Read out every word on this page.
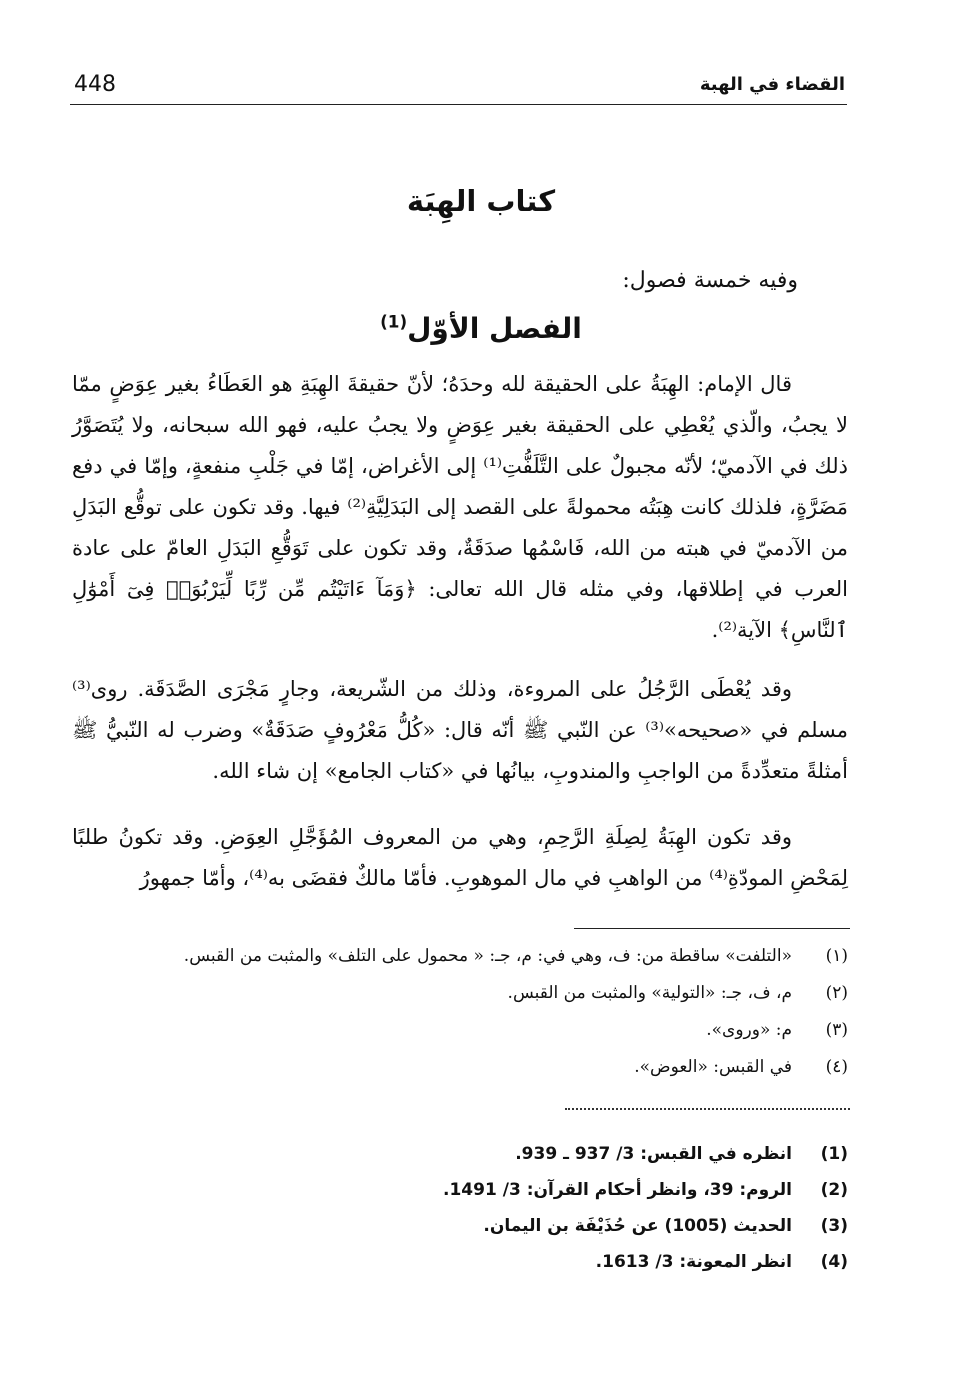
448	القضاء في الهبة
كتاب الهِبَة
وفيه خمسة فصول:
الفصل الأوّل$^{(1)}$

قال الإمام: الهِبَةُ على الحقيقة لله وحدَهُ؛ لأنّ حقيقةَ الهِبَةِ هو العَطَاءُ بغير عِوَضٍ ممّا لا يجبُ، والّذي يُعْطِي على الحقيقة بغير عِوَضٍ ولا يجبُ عليه، فهو الله سبحانه، ولا يُتَصَوَّرُ ذلك في الآدميّ؛ لأنّه مجبولٌ على التَّلَفُّتِ⁽¹⁾ إلى الأغراض، إمّا في جَلْبِ منفعةٍ، وإمّا في دفع مَضَرَّةٍ، فلذلك كانت هِبَتُه محمولةً على القصد إلى البَدَلِيَّةِ⁽²⁾ فيها. وقد تكون على توقُّع البَدَلِ من الآدميّ في هبته من الله، فَاسْمُها صدَقَةٌ، وقد تكون على تَوَقُّعِ البَدَلِ العامّ على عادة العرب في إطلاقها، وفي مثله قال الله تعالى: ﴿وَمَآ ءَاتَيْتُم مِّن رِّبًا لِّيَرْبُوَا۟ فِىٓ أَمْوَٰلِ ٱلنَّاسِ﴾ الآية⁽²⁾.

وقد يُعْطَى الرَّجُلُ على المروءة، وذلك من الشّريعة، وجارٍ مَجْرَى الصَّدَقَة. روى⁽³⁾ مسلم في «صحيحه»⁽³⁾ عن النّبي ﷺ أنّه قال: «كُلُّ مَعْرُوفٍ صَدَقَةٌ» وضرب له النّبيُّ ﷺ أمثلةً متعدِّدةً من الواجبِ والمندوبِ، بيانُها في «كتاب الجامع» إن شاء الله.

وقد تكون الهِبَةُ لِصِلَةِ الرَّحِمِ، وهي من المعروف المُؤَجَّلِ العِوَضِ. وقد تكونُ طلبًا لِمَحْضِ المودّةِ⁽⁴⁾ من الواهبِ في مال الموهوبِ. فأمّا مالكٌ فقضَى به⁽⁴⁾، وأمّا جمهورُ

(١)
«التلفت» ساقطة من: ف، وهي في: م، جـ: « محمول على التلف» والمثبت من القبس.
(٢)
م، ف، جـ: «التولية» والمثبت من القبس.
(٣)
م: «وروى».
(٤)
في القبس: «العوض».
(1)
انظره في القبس: 3/ 937 ـ 939.
(2)
الروم: 39، وانظر أحكام القرآن: 3/ 1491.
(3)
الحديث (1005) عن حُذَيْفَة بن اليمان.
(4)
انظر المعونة: 3/ 1613.
